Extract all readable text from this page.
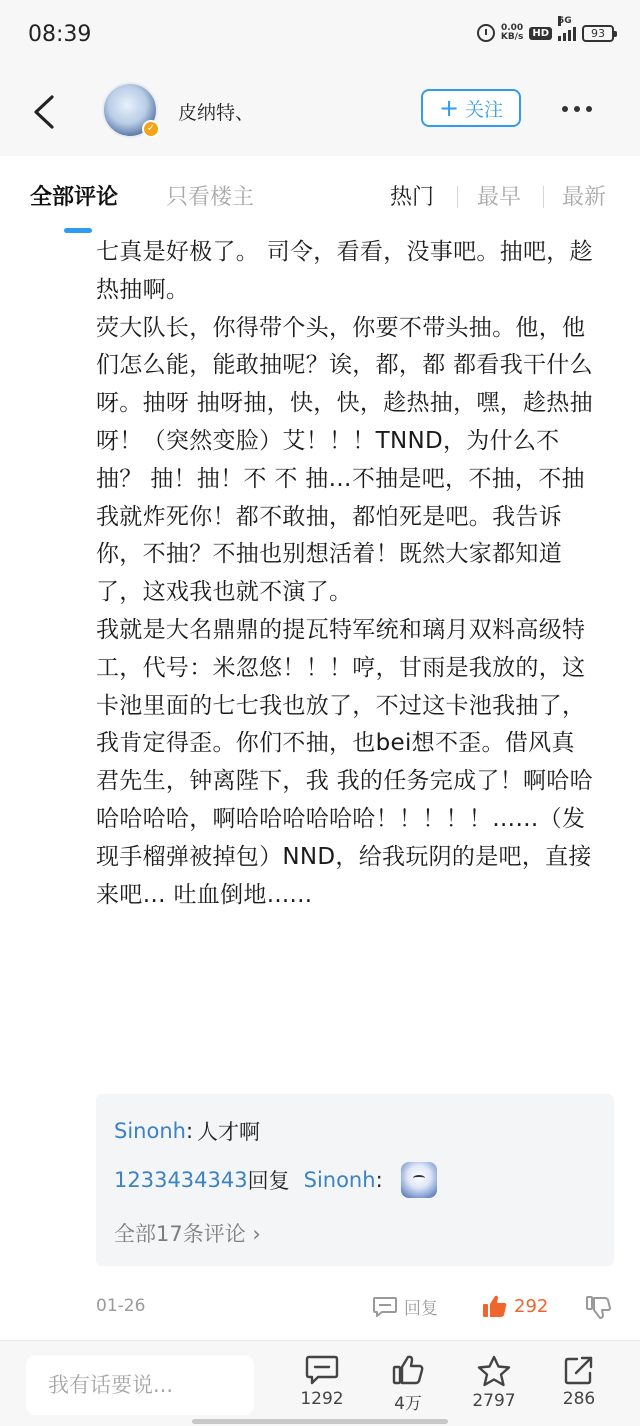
08:39	0.00
KB/s HD
5G
93
✓
皮纳特、	+ 关注
全部评论 只看楼主	热门 最早 最新
七真是好极了。 司令，看看，没事吧。抽吧，趁热抽啊。
荧大队长，你得带个头，你要不带头抽。他，他们怎么能，能敢抽呢？诶，都，都 都看我干什么呀。抽呀 抽呀抽，快，快，趁热抽，嘿，趁热抽呀！（突然变脸）艾！！！TNND，为什么不抽？ 抽！抽！不 不 抽…不抽是吧，不抽，不抽我就炸死你！都不敢抽，都怕死是吧。我告诉你，不抽？不抽也别想活着！既然大家都知道了，这戏我也就不演了。
我就是大名鼎鼎的提瓦特军统和璃月双料高级特工，代号：米忽悠！！！哼，甘雨是我放的，这卡池里面的七七我也放了，不过这卡池我抽了，我肯定得歪。你们不抽，也bei想不歪。借风真君先生，钟离陛下，我 我的任务完成了！啊哈哈哈哈哈哈，啊哈哈哈哈哈哈！！！！！……（发现手榴弹被掉包）NND，给我玩阴的是吧，直接来吧… 吐血倒地......
Sinonh : 人才啊
1233434343 回复 Sinonh :
全部17条评论 ›
01-26	回复	292
我有话要说...
1292	4万	2797	286
